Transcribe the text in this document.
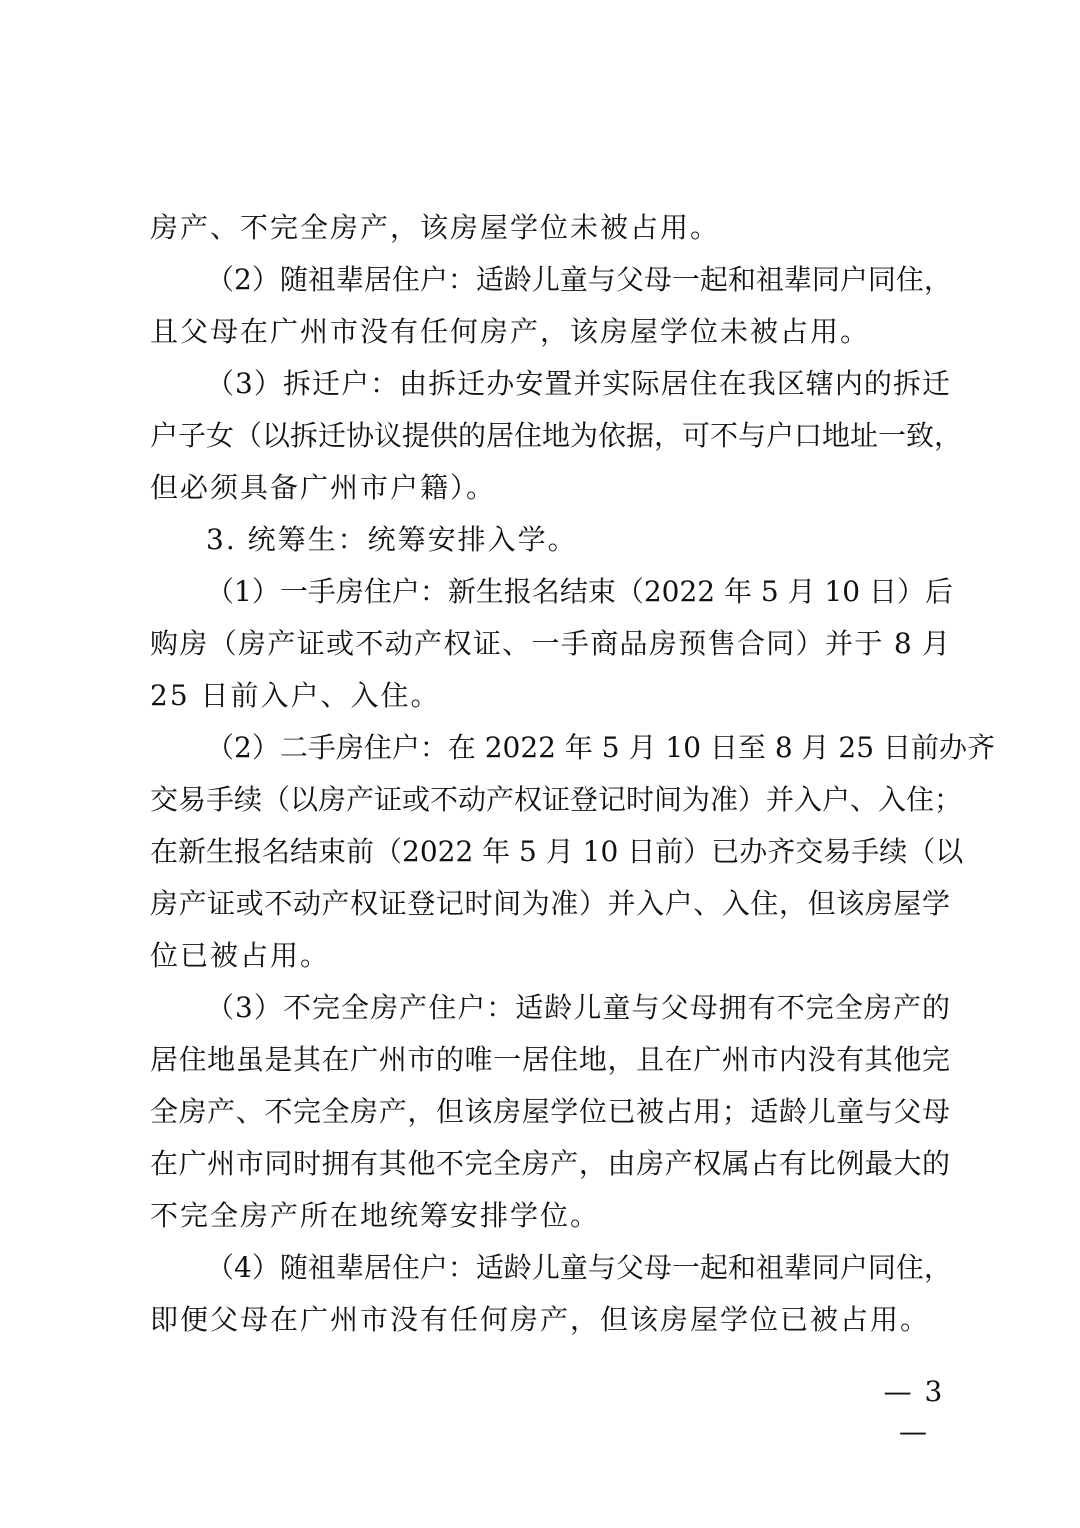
房产、不完全房产，该房屋学位未被占用。
（2）随祖辈居住户：适龄儿童与父母一起和祖辈同户同住，
且父母在广州市没有任何房产，该房屋学位未被占用。
（3）拆迁户：由拆迁办安置并实际居住在我区辖内的拆迁
户子女（以拆迁协议提供的居住地为依据，可不与户口地址一致，
但必须具备广州市户籍）。
3. 统筹生：统筹安排入学。
（1）一手房住户：新生报名结束（2022 年 5 月 10 日）后
购房（房产证或不动产权证、一手商品房预售合同）并于 8 月
25 日前入户、入住。
（2）二手房住户：在 2022 年 5 月 10 日至 8 月 25 日前办齐
交易手续（以房产证或不动产权证登记时间为准）并入户、入住；
在新生报名结束前（2022 年 5 月 10 日前）已办齐交易手续（以
房产证或不动产权证登记时间为准）并入户、入住，但该房屋学
位已被占用。
（3）不完全房产住户：适龄儿童与父母拥有不完全房产的
居住地虽是其在广州市的唯一居住地，且在广州市内没有其他完
全房产、不完全房产，但该房屋学位已被占用；适龄儿童与父母
在广州市同时拥有其他不完全房产，由房产权属占有比例最大的
不完全房产所在地统筹安排学位。
（4）随祖辈居住户：适龄儿童与父母一起和祖辈同户同住，
即便父母在广州市没有任何房产，但该房屋学位已被占用。
— 3 —
